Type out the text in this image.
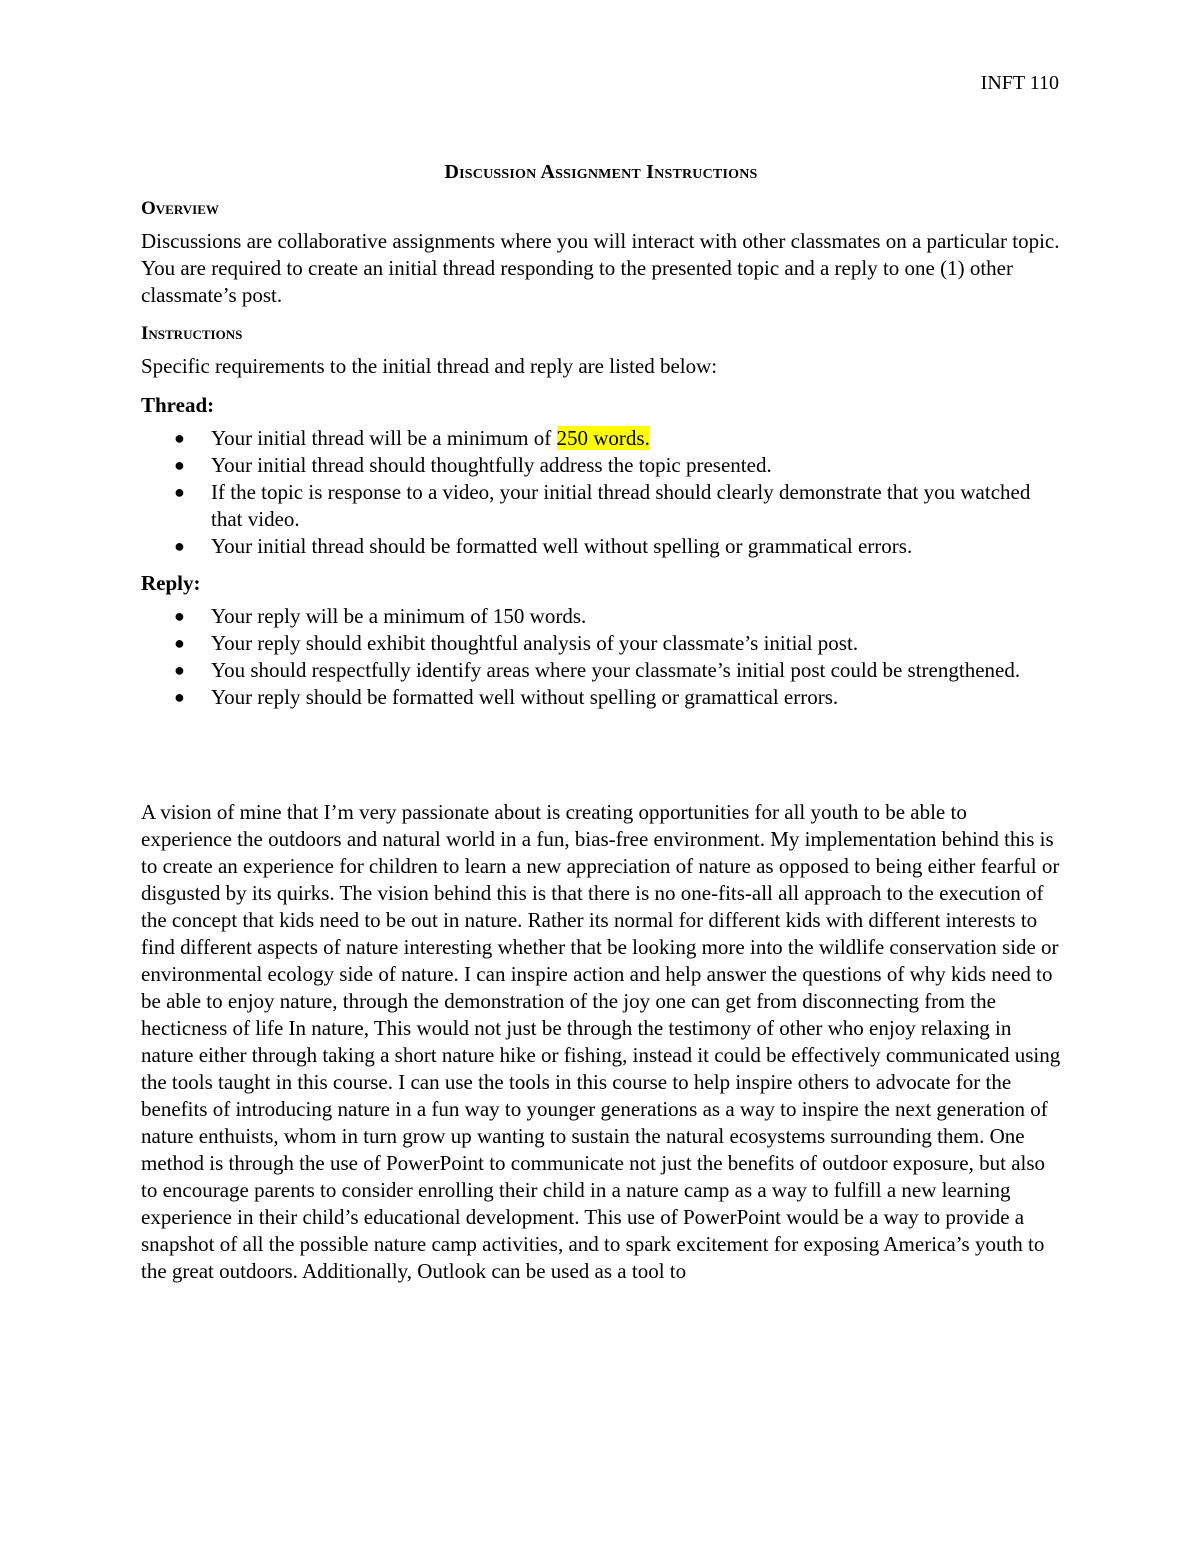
INFT 110
Discussion Assignment Instructions
Overview

Discussions are collaborative assignments where you will interact with other classmates on a particular topic. You are required to create an initial thread responding to the presented topic and a reply to one (1) other classmate’s post.

Instructions

Specific requirements to the initial thread and reply are listed below:

Thread:
● Your initial thread will be a minimum of 250 words.
● Your initial thread should thoughtfully address the topic presented.
● If the topic is response to a video, your initial thread should clearly demonstrate that you watched that video.
● Your initial thread should be formatted well without spelling or grammatical errors.
Reply:
● Your reply will be a minimum of 150 words.
● Your reply should exhibit thoughtful analysis of your classmate’s initial post.
● You should respectfully identify areas where your classmate’s initial post could be strengthened.
● Your reply should be formatted well without spelling or gramattical errors.

A vision of mine that I’m very passionate about is creating opportunities for all youth to be able to experience the outdoors and natural world in a fun, bias-free environment. My implementation behind this is to create an experience for children to learn a new appreciation of nature as opposed to being either fearful or disgusted by its quirks. The vision behind this is that there is no one-fits-all all approach to the execution of the concept that kids need to be out in nature. Rather its normal for different kids with different interests to find different aspects of nature interesting whether that be looking more into the wildlife conservation side or environmental ecology side of nature. I can inspire action and help answer the questions of why kids need to be able to enjoy nature, through the demonstration of the joy one can get from disconnecting from the hecticness of life In nature, This would not just be through the testimony of other who enjoy relaxing in nature either through taking a short nature hike or fishing, instead it could be effectively communicated using the tools taught in this course. I can use the tools in this course to help inspire others to advocate for the benefits of introducing nature in a fun way to younger generations as a way to inspire the next generation of nature enthuists, whom in turn grow up wanting to sustain the natural ecosystems surrounding them. One method is through the use of PowerPoint to communicate not just the benefits of outdoor exposure, but also to encourage parents to consider enrolling their child in a nature camp as a way to fulfill a new learning experience in their child’s educational development. This use of PowerPoint would be a way to provide a snapshot of all the possible nature camp activities, and to spark excitement for exposing America’s youth to the great outdoors. Additionally, Outlook can be used as a tool to
